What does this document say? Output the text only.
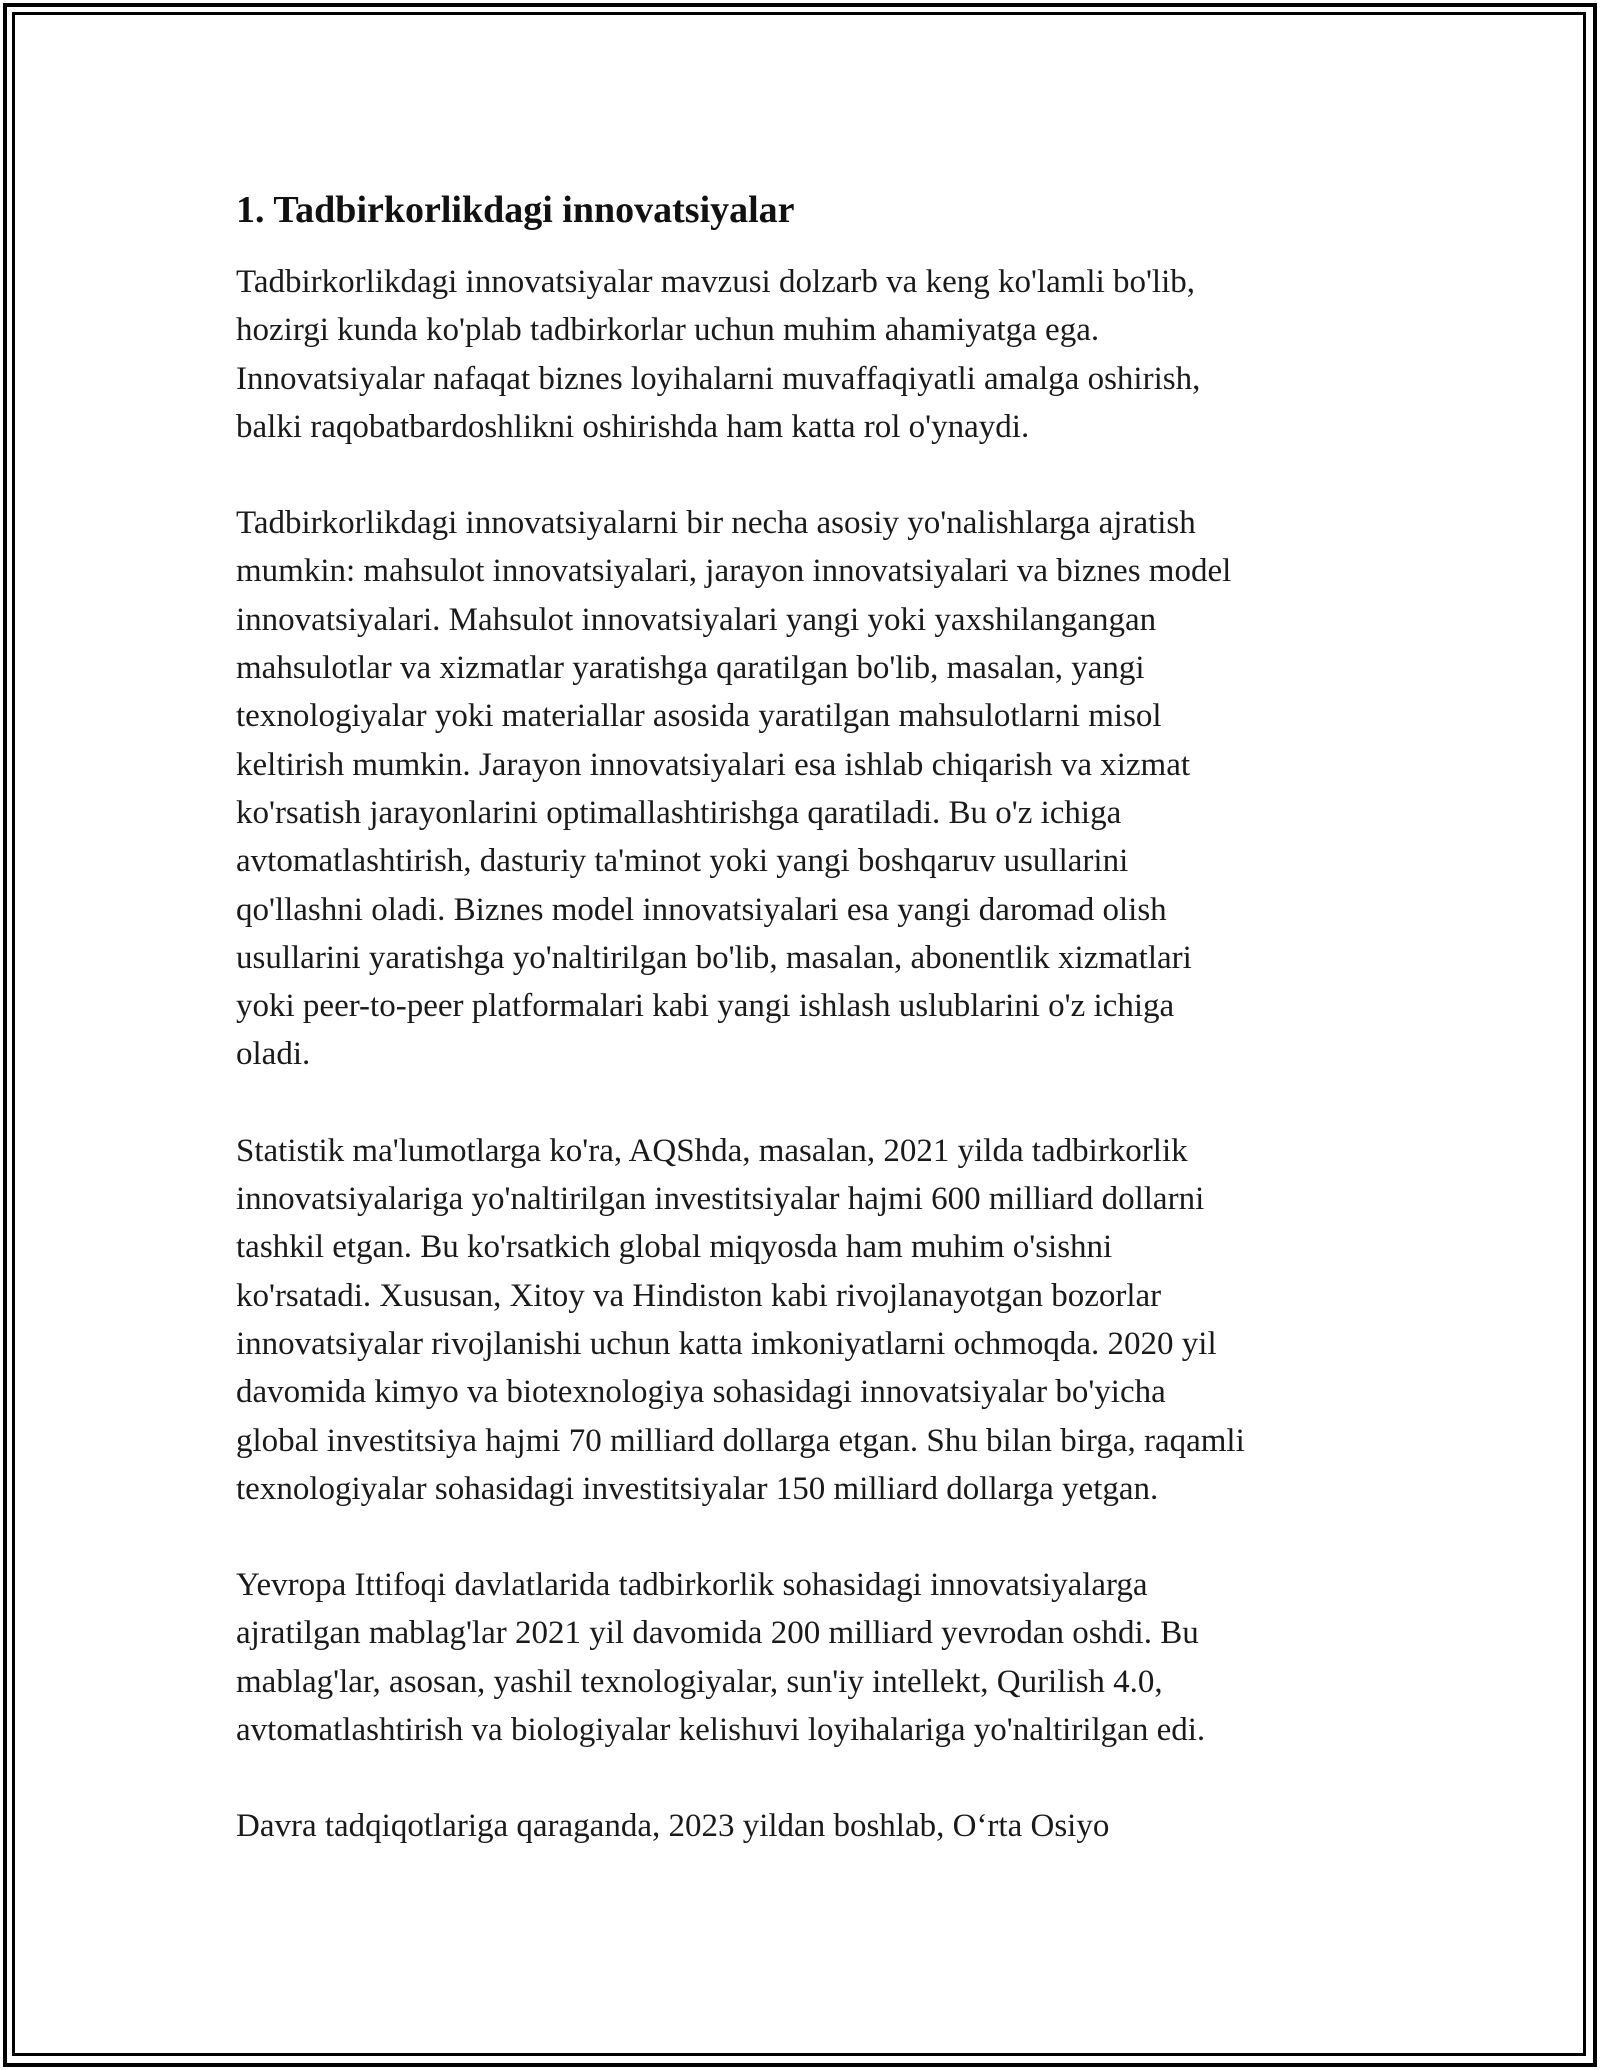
1. Tadbirkorlikdagi innovatsiyalar

Tadbirkorlikdagi innovatsiyalar mavzusi dolzarb va keng ko'lamli bo'lib,
hozirgi kunda ko'plab tadbirkorlar uchun muhim ahamiyatga ega.
Innovatsiyalar nafaqat biznes loyihalarni muvaffaqiyatli amalga oshirish,
balki raqobatbardoshlikni oshirishda ham katta rol o'ynaydi.

Tadbirkorlikdagi innovatsiyalarni bir necha asosiy yo'nalishlarga ajratish
mumkin: mahsulot innovatsiyalari, jarayon innovatsiyalari va biznes model
innovatsiyalari. Mahsulot innovatsiyalari yangi yoki yaxshilangangan
mahsulotlar va xizmatlar yaratishga qaratilgan bo'lib, masalan, yangi
texnologiyalar yoki materiallar asosida yaratilgan mahsulotlarni misol
keltirish mumkin. Jarayon innovatsiyalari esa ishlab chiqarish va xizmat
ko'rsatish jarayonlarini optimallashtirishga qaratiladi. Bu o'z ichiga
avtomatlashtirish, dasturiy ta'minot yoki yangi boshqaruv usullarini
qo'llashni oladi. Biznes model innovatsiyalari esa yangi daromad olish
usullarini yaratishga yo'naltirilgan bo'lib, masalan, abonentlik xizmatlari
yoki peer-to-peer platformalari kabi yangi ishlash uslublarini o'z ichiga
oladi.

Statistik ma'lumotlarga ko'ra, AQShda, masalan, 2021 yilda tadbirkorlik
innovatsiyalariga yo'naltirilgan investitsiyalar hajmi 600 milliard dollarni
tashkil etgan. Bu ko'rsatkich global miqyosda ham muhim o'sishni
ko'rsatadi. Xususan, Xitoy va Hindiston kabi rivojlanayotgan bozorlar
innovatsiyalar rivojlanishi uchun katta imkoniyatlarni ochmoqda. 2020 yil
davomida kimyo va biotexnologiya sohasidagi innovatsiyalar bo'yicha
global investitsiya hajmi 70 milliard dollarga etgan. Shu bilan birga, raqamli
texnologiyalar sohasidagi investitsiyalar 150 milliard dollarga yetgan.

Yevropa Ittifoqi davlatlarida tadbirkorlik sohasidagi innovatsiyalarga
ajratilgan mablag'lar 2021 yil davomida 200 milliard yevrodan oshdi. Bu
mablag'lar, asosan, yashil texnologiyalar, sun'iy intellekt, Qurilish 4.0,
avtomatlashtirish va biologiyalar kelishuvi loyihalariga yo'naltirilgan edi.

Davra tadqiqotlariga qaraganda, 2023 yildan boshlab, O‘rta Osiyo
